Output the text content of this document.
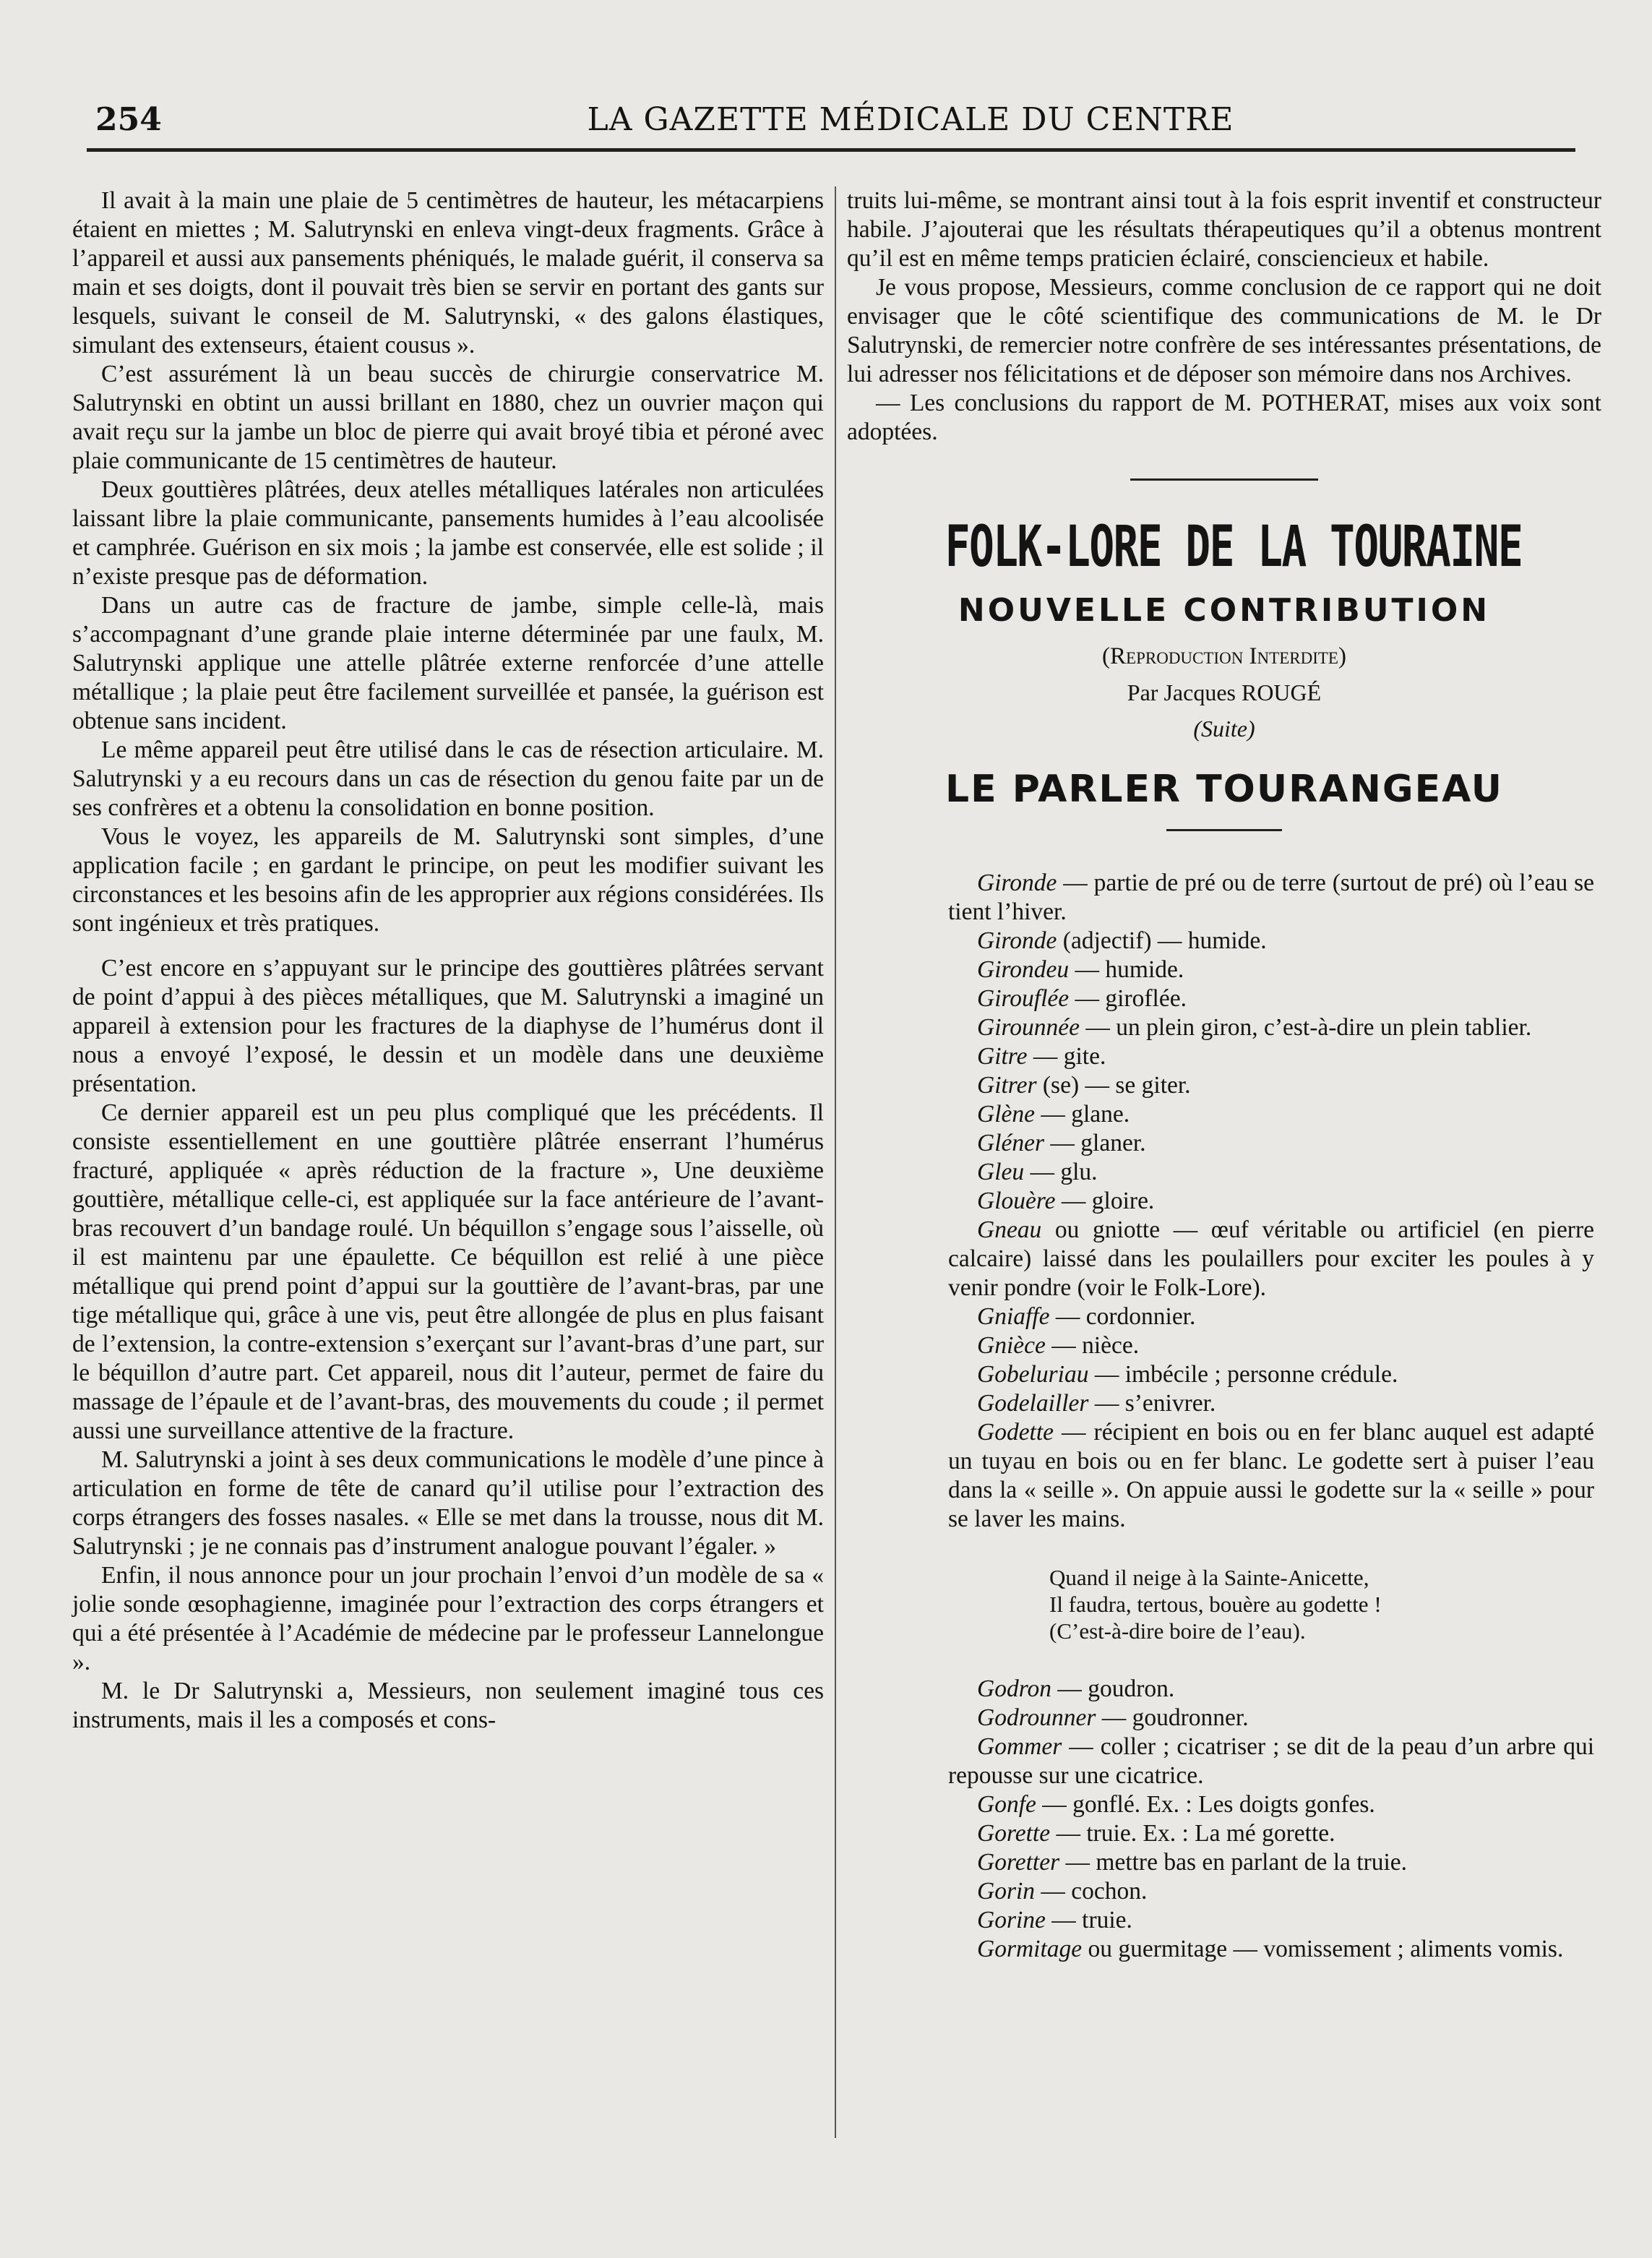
254	LA GAZETTE MÉDICALE DU CENTRE

Il avait à la main une plaie de 5 centimètres de hauteur, les métacarpiens étaient en miettes ; M. Salutrynski en enleva vingt-deux fragments. Grâce à l’appareil et aussi aux pansements phéniqués, le malade guérit, il conserva sa main et ses doigts, dont il pouvait très bien se servir en portant des gants sur lesquels, suivant le conseil de M. Salutrynski, « des galons élastiques, simulant des extenseurs, étaient cousus ».

C’est assurément là un beau succès de chirurgie conservatrice M. Salutrynski en obtint un aussi brillant en 1880, chez un ouvrier maçon qui avait reçu sur la jambe un bloc de pierre qui avait broyé tibia et péroné avec plaie communicante de 15 centimètres de hauteur.

Deux gouttières plâtrées, deux atelles métalliques latérales non articulées laissant libre la plaie communicante, pansements humides à l’eau alcoolisée et camphrée. Guérison en six mois ; la jambe est conservée, elle est solide ; il n’existe presque pas de déformation.

Dans un autre cas de fracture de jambe, simple celle-là, mais s’accompagnant d’une grande plaie interne déterminée par une faulx, M. Salutrynski applique une attelle plâtrée externe renforcée d’une attelle métallique ; la plaie peut être facilement surveillée et pansée, la guérison est obtenue sans incident.

Le même appareil peut être utilisé dans le cas de résection articulaire. M. Salutrynski y a eu recours dans un cas de résection du genou faite par un de ses confrères et a obtenu la consolidation en bonne position.

Vous le voyez, les appareils de M. Salutrynski sont simples, d’une application facile ; en gardant le principe, on peut les modifier suivant les circonstances et les besoins afin de les approprier aux régions considérées. Ils sont ingénieux et très pratiques.

C’est encore en s’appuyant sur le principe des gouttières plâtrées servant de point d’appui à des pièces métalliques, que M. Salutrynski a imaginé un appareil à extension pour les fractures de la diaphyse de l’humérus dont il nous a envoyé l’exposé, le dessin et un modèle dans une deuxième présentation.

Ce dernier appareil est un peu plus compliqué que les précédents. Il consiste essentiellement en une gouttière plâtrée enserrant l’humérus fracturé, appliquée « après réduction de la fracture », Une deuxième gouttière, métallique celle-ci, est appliquée sur la face antérieure de l’avant-bras recouvert d’un bandage roulé. Un béquillon s’engage sous l’aisselle, où il est maintenu par une épaulette. Ce béquillon est relié à une pièce métallique qui prend point d’appui sur la gouttière de l’avant-bras, par une tige métallique qui, grâce à une vis, peut être allongée de plus en plus faisant de l’extension, la contre-extension s’exerçant sur l’avant-bras d’une part, sur le béquillon d’autre part. Cet appareil, nous dit l’auteur, permet de faire du massage de l’épaule et de l’avant-bras, des mouvements du coude ; il permet aussi une surveillance attentive de la fracture.

M. Salutrynski a joint à ses deux communications le modèle d’une pince à articulation en forme de tête de canard qu’il utilise pour l’extraction des corps étrangers des fosses nasales. « Elle se met dans la trousse, nous dit M. Salutrynski ; je ne connais pas d’instrument analogue pouvant l’égaler. »

Enfin, il nous annonce pour un jour prochain l’envoi d’un modèle de sa « jolie sonde œsophagienne, imaginée pour l’extraction des corps étrangers et qui a été présentée à l’Académie de médecine par le professeur Lannelongue ».

M. le Dr Salutrynski a, Messieurs, non seulement imaginé tous ces instruments, mais il les a composés et cons-

truits lui-même, se montrant ainsi tout à la fois esprit inventif et constructeur habile. J’ajouterai que les résultats thérapeutiques qu’il a obtenus montrent qu’il est en même temps praticien éclairé, consciencieux et habile.

Je vous propose, Messieurs, comme conclusion de ce rapport qui ne doit envisager que le côté scientifique des communications de M. le Dr Salutrynski, de remercier notre confrère de ses intéressantes présentations, de lui adresser nos félicitations et de déposer son mémoire dans nos Archives.

— Les conclusions du rapport de M. POTHERAT, mises aux voix sont adoptées.

FOLK-LORE DE LA TOURAINE
NOUVELLE CONTRIBUTION
(Reproduction Interdite)
Par Jacques ROUGÉ
(Suite)
LE PARLER TOURANGEAU

Gironde — partie de pré ou de terre (surtout de pré) où l’eau se tient l’hiver.

Gironde (adjectif) — humide.

Girondeu — humide.

Girouflée — giroflée.

Girounnée — un plein giron, c’est-à-dire un plein tablier.

Gitre — gite.

Gitrer (se) — se giter.

Glène — glane.

Gléner — glaner.

Gleu — glu.

Glouère — gloire.

Gneau ou gniotte — œuf véritable ou artificiel (en pierre calcaire) laissé dans les poulaillers pour exciter les poules à y venir pondre (voir le Folk-Lore).

Gniaffe — cordonnier.

Gnièce — nièce.

Gobeluriau — imbécile ; personne crédule.

Godelailler — s’enivrer.

Godette — récipient en bois ou en fer blanc auquel est adapté un tuyau en bois ou en fer blanc. Le godette sert à puiser l’eau dans la « seille ». On appuie aussi le godette sur la « seille » pour se laver les mains.

Quand il neige à la Sainte-Anicette,
Il faudra, tertous, bouère au godette !
(C’est-à-dire boire de l’eau).

Godron — goudron.

Godrounner — goudronner.

Gommer — coller ; cicatriser ; se dit de la peau d’un arbre qui repousse sur une cicatrice.

Gonfe — gonflé. Ex. : Les doigts gonfes.

Gorette — truie. Ex. : La mé gorette.

Goretter — mettre bas en parlant de la truie.

Gorin — cochon.

Gorine — truie.

Gormitage ou guermitage — vomissement ; aliments vomis.
